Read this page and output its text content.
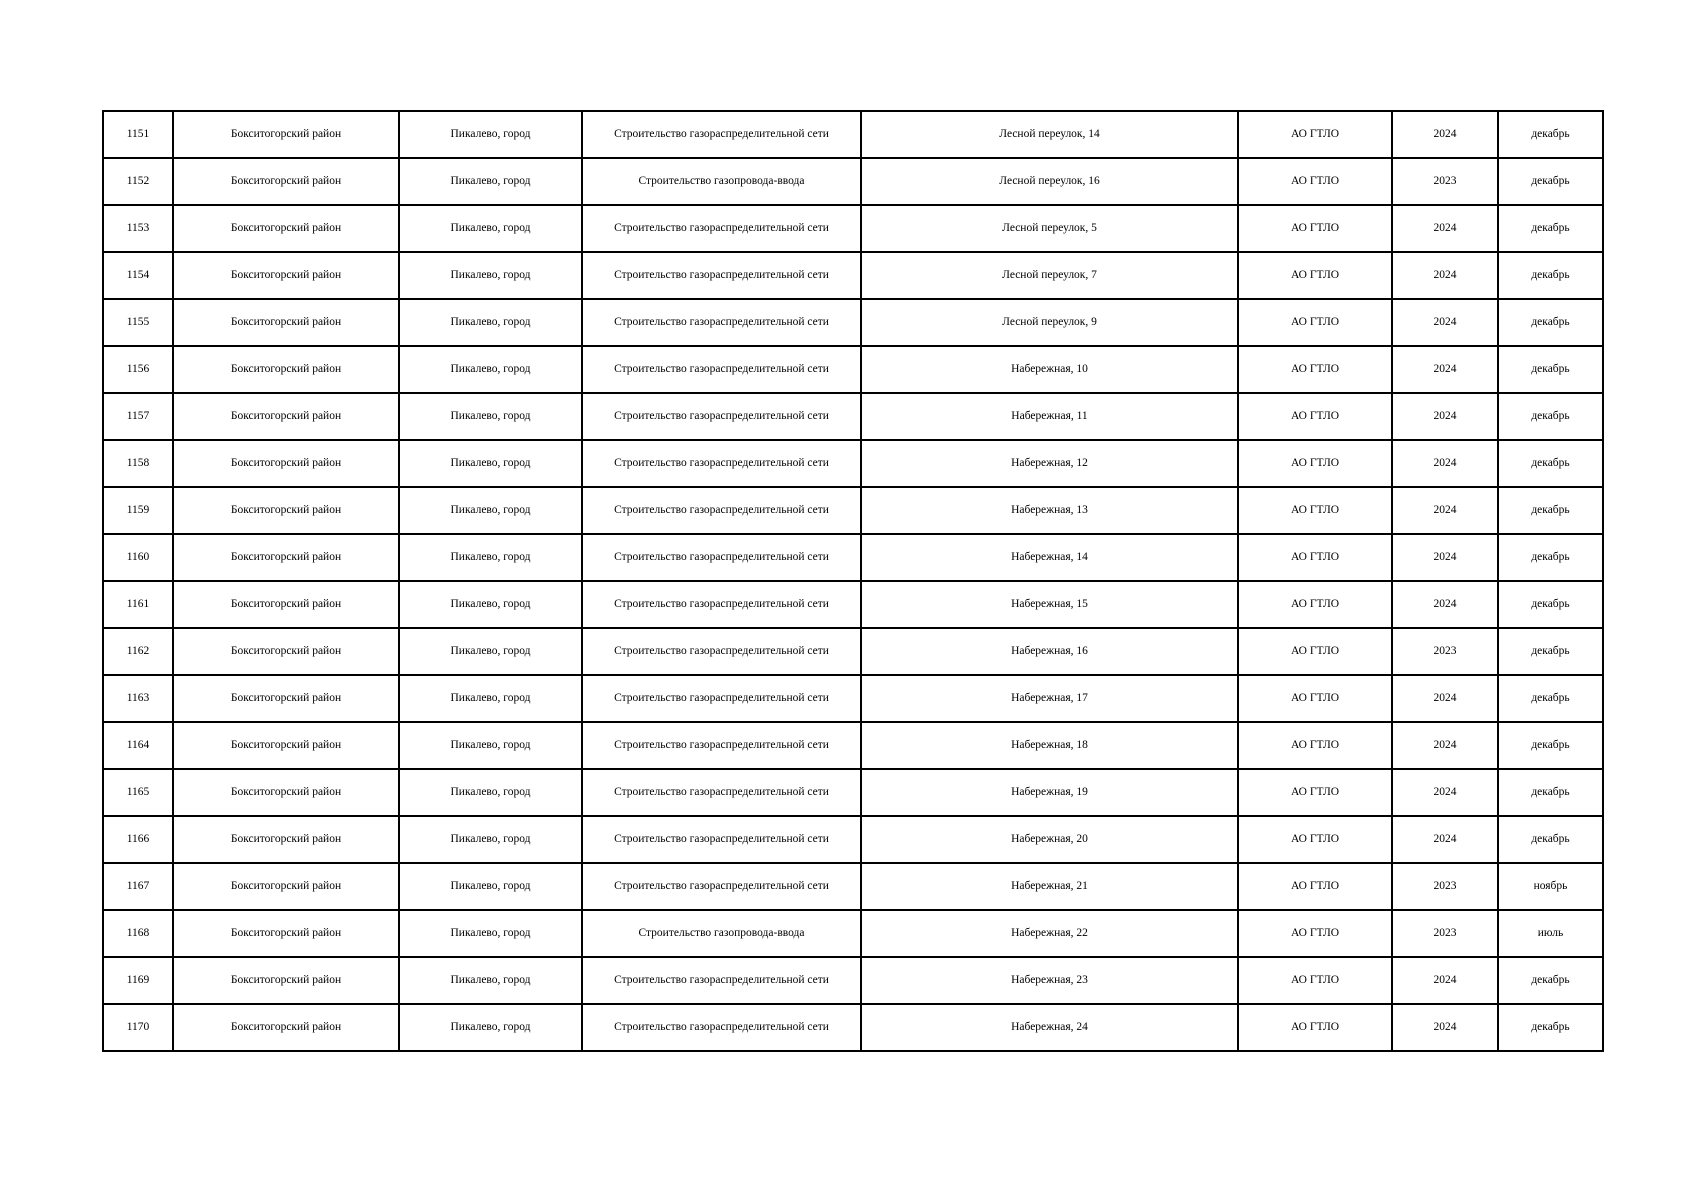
1151	Бокситогорский район	Пикалево, город	Строительство газораспределительной сети	Лесной переулок, 14	АО ГТЛО	2024	декабрь
1152	Бокситогорский район	Пикалево, город	Строительство газопровода-ввода	Лесной переулок, 16	АО ГТЛО	2023	декабрь
1153	Бокситогорский район	Пикалево, город	Строительство газораспределительной сети	Лесной переулок, 5	АО ГТЛО	2024	декабрь
1154	Бокситогорский район	Пикалево, город	Строительство газораспределительной сети	Лесной переулок, 7	АО ГТЛО	2024	декабрь
1155	Бокситогорский район	Пикалево, город	Строительство газораспределительной сети	Лесной переулок, 9	АО ГТЛО	2024	декабрь
1156	Бокситогорский район	Пикалево, город	Строительство газораспределительной сети	Набережная, 10	АО ГТЛО	2024	декабрь
1157	Бокситогорский район	Пикалево, город	Строительство газораспределительной сети	Набережная, 11	АО ГТЛО	2024	декабрь
1158	Бокситогорский район	Пикалево, город	Строительство газораспределительной сети	Набережная, 12	АО ГТЛО	2024	декабрь
1159	Бокситогорский район	Пикалево, город	Строительство газораспределительной сети	Набережная, 13	АО ГТЛО	2024	декабрь
1160	Бокситогорский район	Пикалево, город	Строительство газораспределительной сети	Набережная, 14	АО ГТЛО	2024	декабрь
1161	Бокситогорский район	Пикалево, город	Строительство газораспределительной сети	Набережная, 15	АО ГТЛО	2024	декабрь
1162	Бокситогорский район	Пикалево, город	Строительство газораспределительной сети	Набережная, 16	АО ГТЛО	2023	декабрь
1163	Бокситогорский район	Пикалево, город	Строительство газораспределительной сети	Набережная, 17	АО ГТЛО	2024	декабрь
1164	Бокситогорский район	Пикалево, город	Строительство газораспределительной сети	Набережная, 18	АО ГТЛО	2024	декабрь
1165	Бокситогорский район	Пикалево, город	Строительство газораспределительной сети	Набережная, 19	АО ГТЛО	2024	декабрь
1166	Бокситогорский район	Пикалево, город	Строительство газораспределительной сети	Набережная, 20	АО ГТЛО	2024	декабрь
1167	Бокситогорский район	Пикалево, город	Строительство газораспределительной сети	Набережная, 21	АО ГТЛО	2023	ноябрь
1168	Бокситогорский район	Пикалево, город	Строительство газопровода-ввода	Набережная, 22	АО ГТЛО	2023	июль
1169	Бокситогорский район	Пикалево, город	Строительство газораспределительной сети	Набережная, 23	АО ГТЛО	2024	декабрь
1170	Бокситогорский район	Пикалево, город	Строительство газораспределительной сети	Набережная, 24	АО ГТЛО	2024	декабрь
